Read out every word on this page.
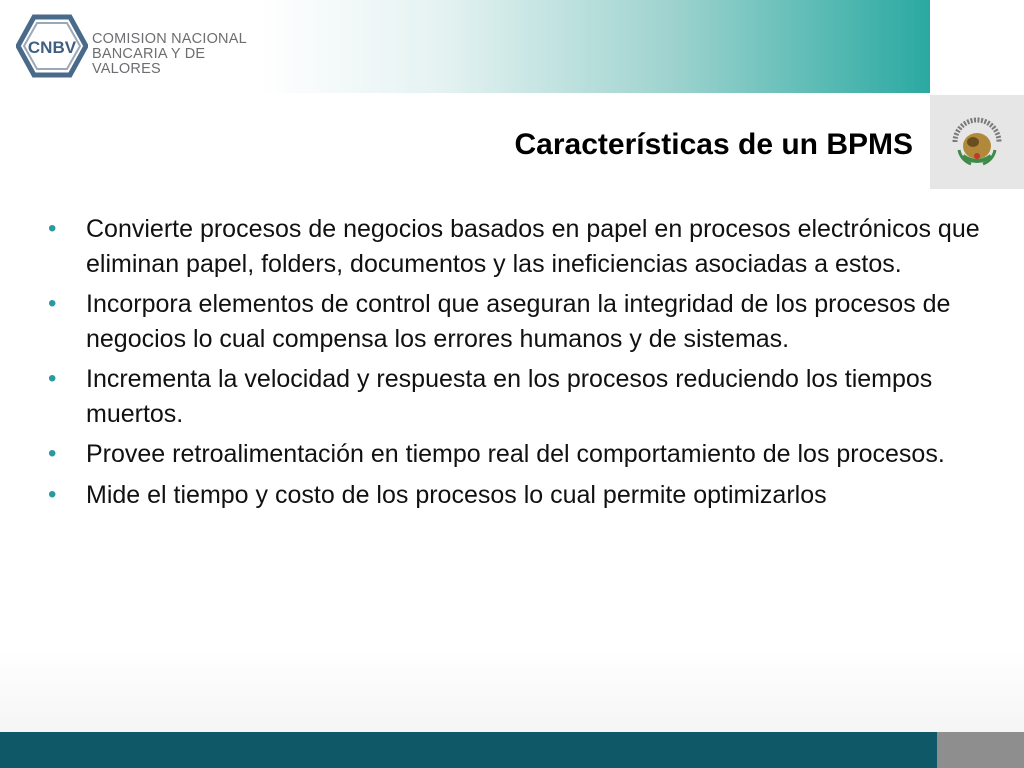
CNBV COMISION NACIONAL
BANCARIA Y DE VALORES
Características de un BPMS
• Convierte procesos de negocios basados en papel en procesos electrónicos que eliminan papel, folders, documentos y las ineficiencias asociadas a estos.
• Incorpora elementos de control que aseguran la integridad de los procesos de negocios lo cual compensa los errores humanos y de sistemas.
• Incrementa la velocidad y respuesta en los procesos reduciendo los tiempos muertos.
• Provee retroalimentación en tiempo real del comportamiento de los procesos.
• Mide el tiempo y costo de los procesos lo cual permite optimizarlos
